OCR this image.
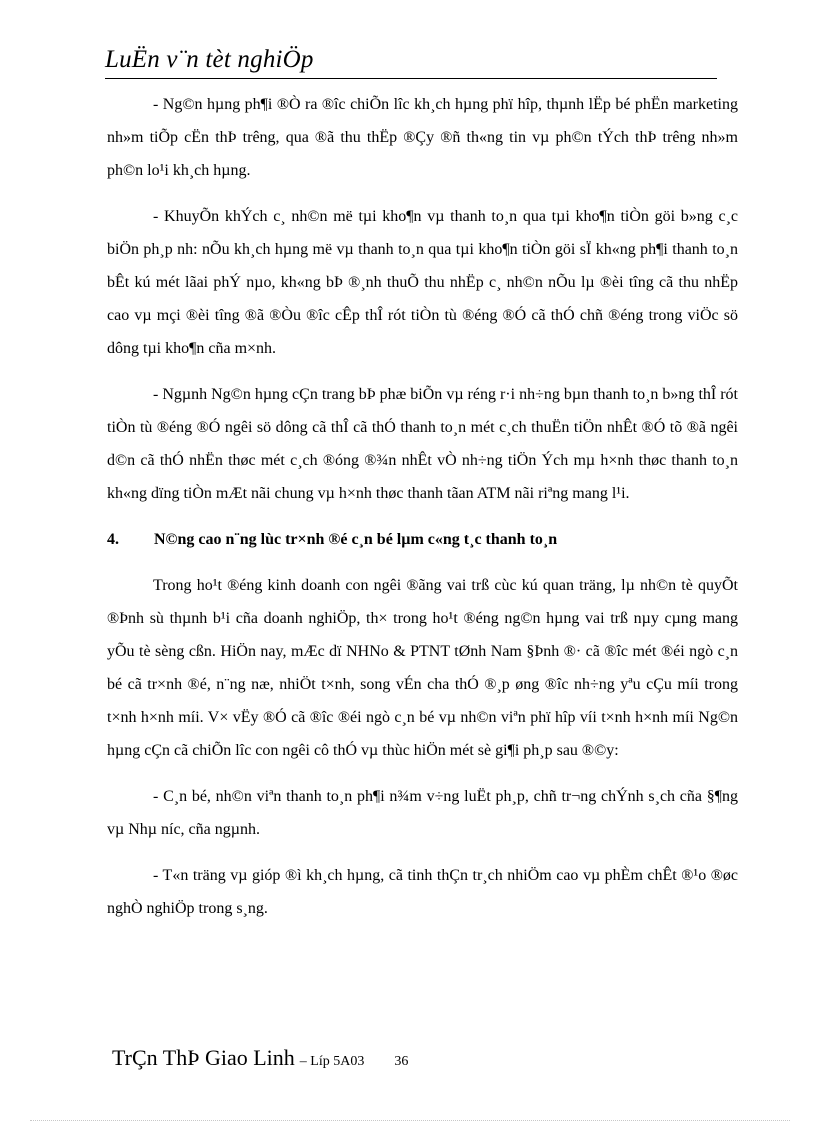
LuËn v¨n tèt nghiÖp

- Ng©n hµng ph¶i ®Ò ra ®îc chiÕn lîc kh¸ch hµng phï hîp, thµnh lËp bé phËn marketing nh»m tiÕp cËn thÞ trêng, qua ®ã thu thËp ®Çy ®ñ th«ng tin vµ ph©n tÝch thÞ trêng nh»m ph©n lo¹i kh¸ch hµng.

- KhuyÕn khÝch c¸ nh©n më tµi kho¶n vµ thanh to¸n qua tµi kho¶n tiÒn göi b»ng c¸c biÖn ph¸p nh: nÕu kh¸ch hµng më vµ thanh to¸n qua tµi kho¶n tiÒn göi sÏ kh«ng ph¶i thanh to¸n bÊt kú mét lãai phÝ nµo, kh«ng bÞ ®¸nh thuÕ thu nhËp c¸ nh©n nÕu lµ ®èi tîng cã thu nhËp cao vµ mçi ®èi tîng ®ã ®Òu ®îc cÊp thÎ rót tiÒn tù ®éng ®Ó cã thÓ chñ ®éng trong viÖc sö dông tµi kho¶n cña m×nh.

- Ngµnh Ng©n hµng cÇn trang bÞ phæ biÕn vµ réng r·i nh÷ng bµn thanh to¸n b»ng thÎ rót tiÒn tù ®éng ®Ó ngêi sö dông cã thÎ cã thÓ thanh to¸n mét c¸ch thuËn tiÖn nhÊt ®Ó tõ ®ã ngêi d©n cã thÓ nhËn thøc mét c¸ch ®óng ®¾n nhÊt vÒ nh÷ng tiÖn Ých mµ h×nh thøc thanh to¸n kh«ng dïng tiÒn mÆt nãi chung vµ h×nh thøc thanh tãan ATM nãi riªng mang l¹i.

4.	N©ng cao n¨ng lùc tr×nh ®é c¸n bé lµm c«ng t¸c thanh to¸n

Trong ho¹t ®éng kinh doanh con ngêi ®ãng vai trß cùc kú quan träng, lµ nh©n tè quyÕt ®Þnh sù thµnh b¹i cña doanh nghiÖp, th× trong ho¹t ®éng ng©n hµng vai trß nµy cµng mang yÕu tè sèng cßn. HiÖn nay, mÆc dï NHNo & PTNT tØnh Nam §Þnh ®· cã ®îc mét ®éi ngò c¸n bé cã tr×nh ®é, n¨ng næ, nhiÖt t×nh, song vÉn cha thÓ ®¸p øng ®îc nh÷ng yªu cÇu míi trong t×nh h×nh míi. V× vËy ®Ó cã ®îc ®éi ngò c¸n bé vµ nh©n viªn phï hîp víi t×nh h×nh míi Ng©n hµng cÇn cã chiÕn lîc con ngêi cô thÓ vµ thùc hiÖn mét sè gi¶i ph¸p sau ®©y:

- C¸n bé, nh©n viªn thanh to¸n ph¶i n¾m v÷ng luËt ph¸p, chñ tr¬ng chÝnh s¸ch cña §¶ng vµ Nhµ níc, cña ngµnh.

- T«n träng vµ gióp ®ì kh¸ch hµng, cã tinh thÇn tr¸ch nhiÖm cao vµ phÈm chÊt ®¹o ®øc nghÒ nghiÖp trong s¸ng.

TrÇn ThÞ Giao Linh – Líp 5A03 36
